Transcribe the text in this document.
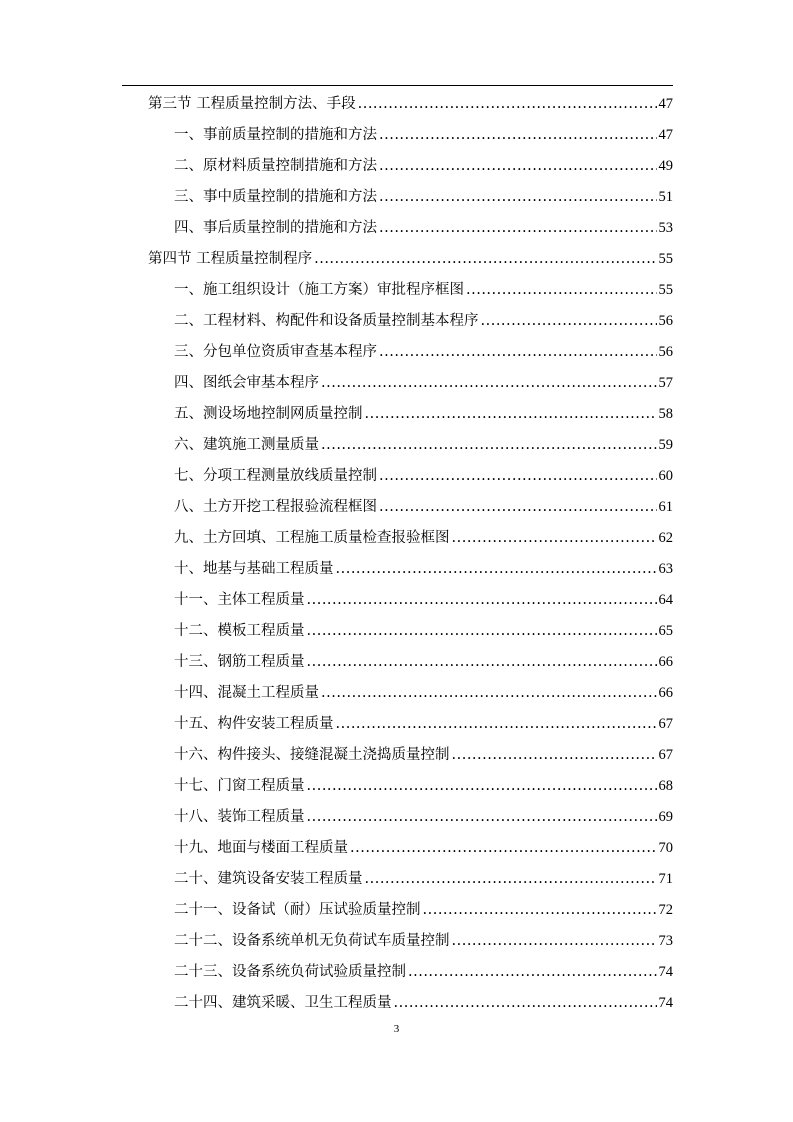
第三节 工程质量控制方法、手段 .....	47
一、事前质量控制的措施和方法 .....	47
二、原材料质量控制措施和方法 .....	49
三、事中质量控制的措施和方法 .....	51
四、事后质量控制的措施和方法 .....	53
第四节 工程质量控制程序 .....	55
一、施工组织设计（施工方案）审批程序框图 .....	55
二、工程材料、构配件和设备质量控制基本程序 .....	56
三、分包单位资质审查基本程序 .....	56
四、图纸会审基本程序 .....	57
五、测设场地控制网质量控制 .....	58
六、建筑施工测量质量 .....	59
七、分项工程测量放线质量控制 .....	60
八、土方开挖工程报验流程框图 .....	61
九、土方回填、工程施工质量检查报验框图 .....	62
十、地基与基础工程质量 .....	63
十一、主体工程质量 .....	64
十二、模板工程质量 .....	65
十三、钢筋工程质量 .....	66
十四、混凝土工程质量 .....	66
十五、构件安装工程质量 .....	67
十六、构件接头、接缝混凝土浇捣质量控制 .....	67
十七、门窗工程质量 .....	68
十八、装饰工程质量 .....	69
十九、地面与楼面工程质量 .....	70
二十、建筑设备安装工程质量 .....	71
二十一、设备试（耐）压试验质量控制 .....	72
二十二、设备系统单机无负荷试车质量控制 .....	73
二十三、设备系统负荷试验质量控制 .....	74
二十四、建筑采暖、卫生工程质量 .....	74
3
